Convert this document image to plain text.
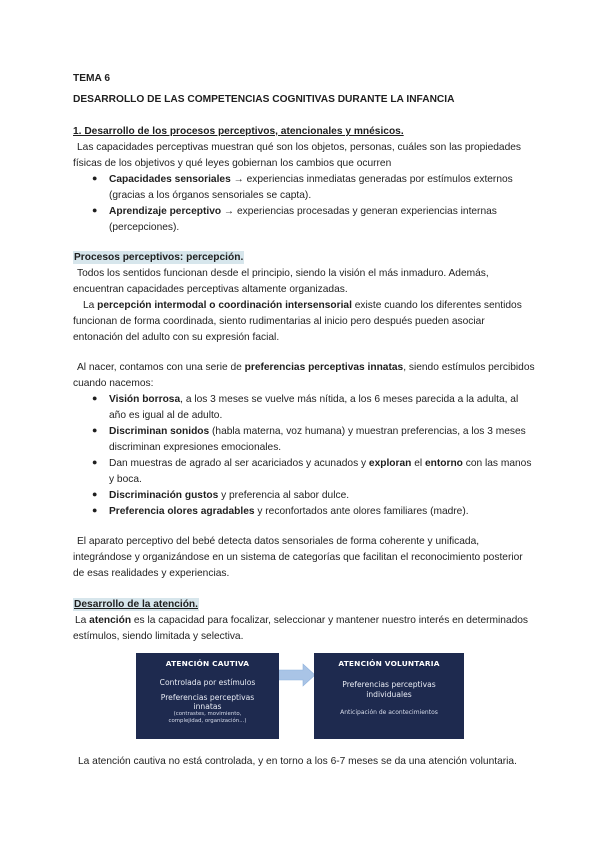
TEMA 6
DESARROLLO DE LAS COMPETENCIAS COGNITIVAS DURANTE LA INFANCIA
1. Desarrollo de los procesos perceptivos, atencionales y mnésicos.
Las capacidades perceptivas muestran qué son los objetos, personas, cuáles son las propiedades
físicas de los objetivos y qué leyes gobiernan los cambios que ocurren
● Capacidades sensoriales → experiencias inmediatas generadas por estímulos externos
(gracias a los órganos sensoriales se capta).
● Aprendizaje perceptivo → experiencias procesadas y generan experiencias internas
(percepciones).
Procesos perceptivos: percepción.
Todos los sentidos funcionan desde el principio, siendo la visión el más inmaduro. Además,
encuentran capacidades perceptivas altamente organizadas.
La percepción intermodal o coordinación intersensorial existe cuando los diferentes sentidos
funcionan de forma coordinada, siento rudimentarias al inicio pero después pueden asociar
entonación del adulto con su expresión facial.
Al nacer, contamos con una serie de preferencias perceptivas innatas, siendo estímulos percibidos
cuando nacemos:
● Visión borrosa, a los 3 meses se vuelve más nítida, a los 6 meses parecida a la adulta, al
año es igual al de adulto.
● Discriminan sonidos (habla materna, voz humana) y muestran preferencias, a los 3 meses
discriminan expresiones emocionales.
● Dan muestras de agrado al ser acariciados y acunados y exploran el entorno con las manos
y boca.
● Discriminación gustos y preferencia al sabor dulce.
● Preferencia olores agradables y reconfortados ante olores familiares (madre).
El aparato perceptivo del bebé detecta datos sensoriales de forma coherente y unificada,
integrándose y organizándose en un sistema de categorías que facilitan el reconocimiento posterior
de esas realidades y experiencias.
Desarrollo de la atención.
La atención es la capacidad para focalizar, seleccionar y mantener nuestro interés en determinados
estímulos, siendo limitada y selectiva.
ATENCIÓN CAUTIVA
Controlada por estímulos
Preferencias perceptivas
innatas
(contrastes, movimiento,
complejidad, organización...)
ATENCIÓN VOLUNTARIA
Preferencias perceptivas
individuales
Anticipación de acontecimientos
La atención cautiva no está controlada, y en torno a los 6-7 meses se da una atención voluntaria.
